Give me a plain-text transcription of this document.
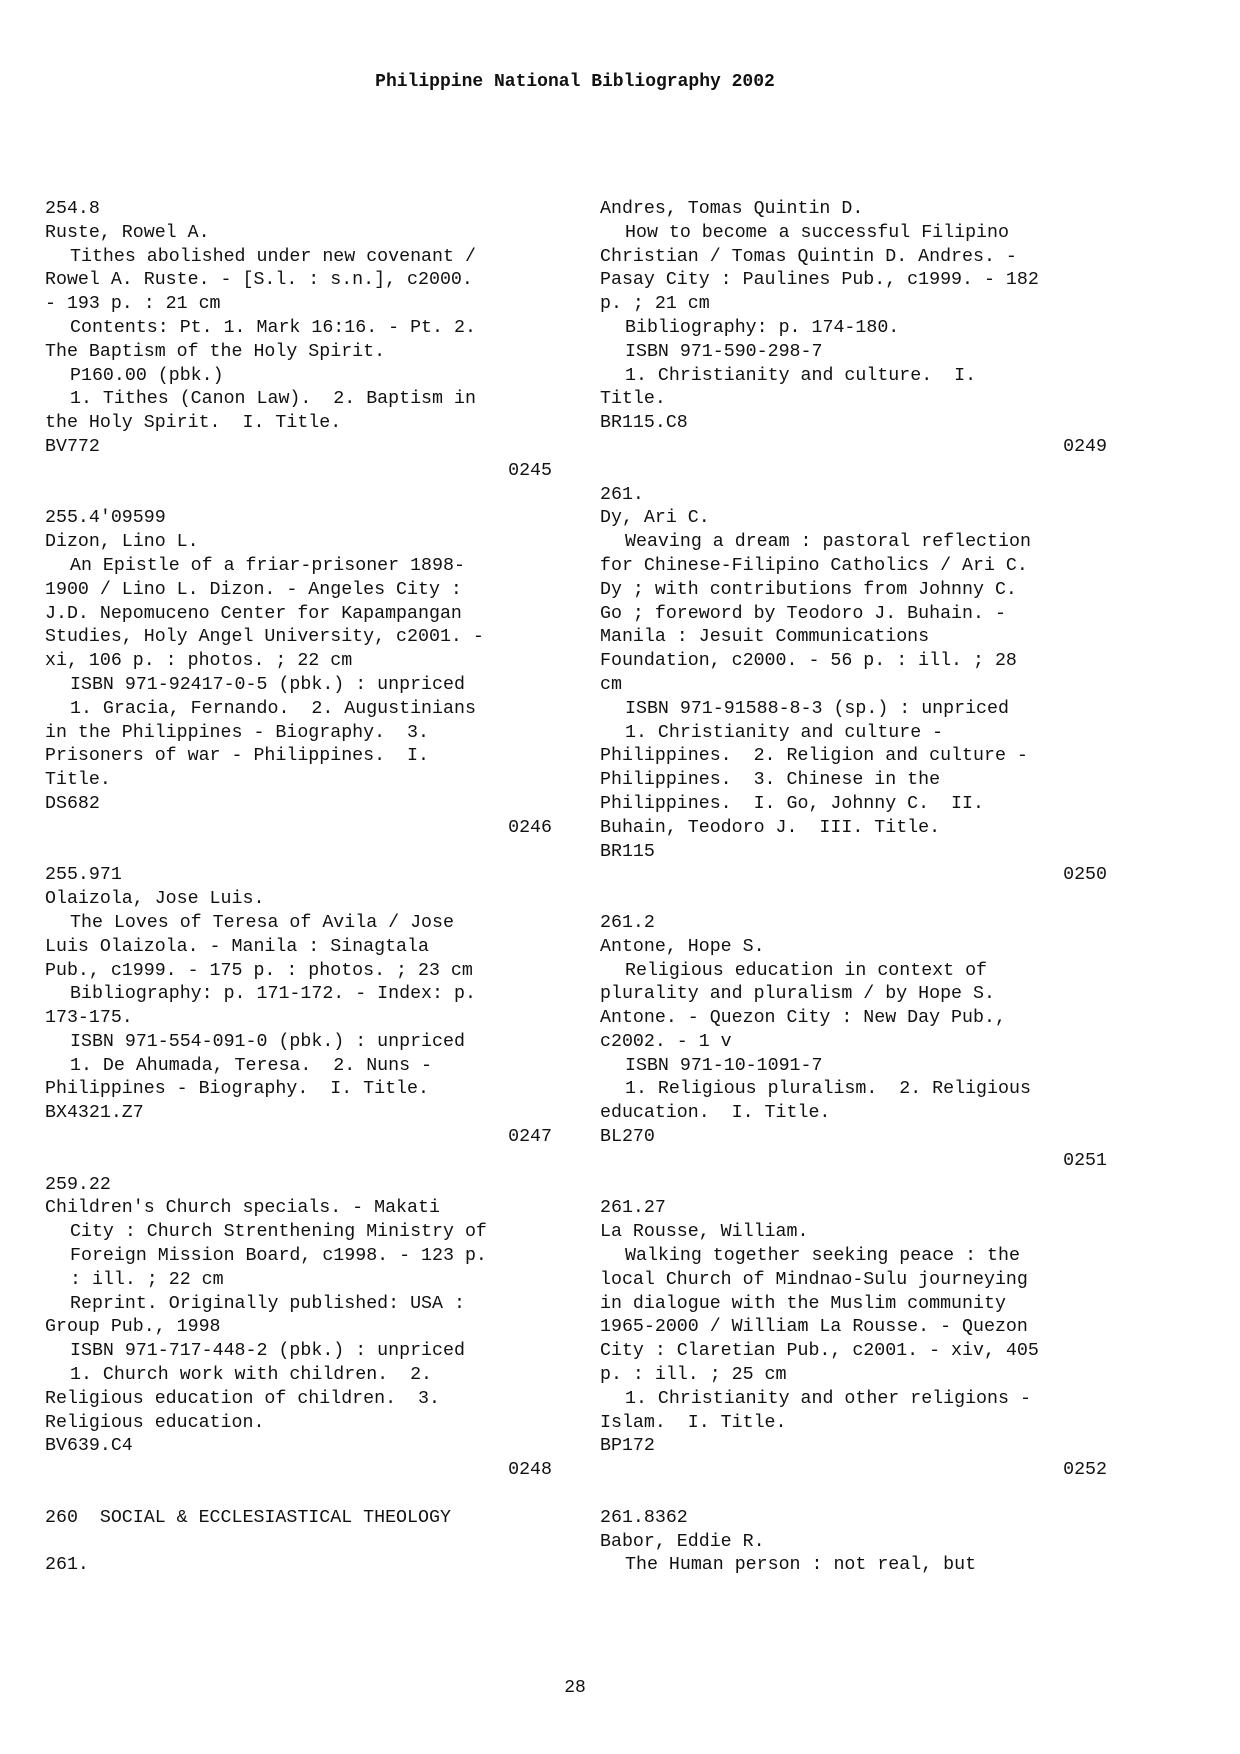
Philippine National Bibliography 2002
254.8
Ruste, Rowel A.
Tithes abolished under new covenant /
Rowel A. Ruste. - [S.l. : s.n.], c2000.
- 193 p. : 21 cm
Contents: Pt. 1. Mark 16:16. - Pt. 2.
The Baptism of the Holy Spirit.
P160.00 (pbk.)
1. Tithes (Canon Law).  2. Baptism in
the Holy Spirit.  I. Title.
BV772
0245
255.4'09599
Dizon, Lino L.
An Epistle of a friar-prisoner 1898-
1900 / Lino L. Dizon. - Angeles City :
J.D. Nepomuceno Center for Kapampangan
Studies, Holy Angel University, c2001. -
xi, 106 p. : photos. ; 22 cm
ISBN 971-92417-0-5 (pbk.) : unpriced
1. Gracia, Fernando.  2. Augustinians
in the Philippines - Biography.  3.
Prisoners of war - Philippines.  I.
Title.
DS682
0246
255.971
Olaizola, Jose Luis.
The Loves of Teresa of Avila / Jose
Luis Olaizola. - Manila : Sinagtala
Pub., c1999. - 175 p. : photos. ; 23 cm
Bibliography: p. 171-172. - Index: p.
173-175.
ISBN 971-554-091-0 (pbk.) : unpriced
1. De Ahumada, Teresa.  2. Nuns -
Philippines - Biography.  I. Title.
BX4321.Z7
0247
259.22
Children's Church specials. - Makati
City : Church Strenthening Ministry of
Foreign Mission Board, c1998. - 123 p.
: ill. ; 22 cm
Reprint. Originally published: USA :
Group Pub., 1998
ISBN 971-717-448-2 (pbk.) : unpriced
1. Church work with children.  2.
Religious education of children.  3.
Religious education.
BV639.C4
0248
260  SOCIAL & ECCLESIASTICAL THEOLOGY
261.
Andres, Tomas Quintin D.
How to become a successful Filipino
Christian / Tomas Quintin D. Andres. -
Pasay City : Paulines Pub., c1999. - 182
p. ; 21 cm
Bibliography: p. 174-180.
ISBN 971-590-298-7
1. Christianity and culture.  I.
Title.
BR115.C8
0249
261.
Dy, Ari C.
Weaving a dream : pastoral reflection
for Chinese-Filipino Catholics / Ari C.
Dy ; with contributions from Johnny C.
Go ; foreword by Teodoro J. Buhain. -
Manila : Jesuit Communications
Foundation, c2000. - 56 p. : ill. ; 28
cm
ISBN 971-91588-8-3 (sp.) : unpriced
1. Christianity and culture -
Philippines.  2. Religion and culture -
Philippines.  3. Chinese in the
Philippines.  I. Go, Johnny C.  II.
Buhain, Teodoro J.  III. Title.
BR115
0250
261.2
Antone, Hope S.
Religious education in context of
plurality and pluralism / by Hope S.
Antone. - Quezon City : New Day Pub.,
c2002. - 1 v
ISBN 971-10-1091-7
1. Religious pluralism.  2. Religious
education.  I. Title.
BL270
0251
261.27
La Rousse, William.
Walking together seeking peace : the
local Church of Mindnao-Sulu journeying
in dialogue with the Muslim community
1965-2000 / William La Rousse. - Quezon
City : Claretian Pub., c2001. - xiv, 405
p. : ill. ; 25 cm
1. Christianity and other religions -
Islam.  I. Title.
BP172
0252
261.8362
Babor, Eddie R.
The Human person : not real, but
28
